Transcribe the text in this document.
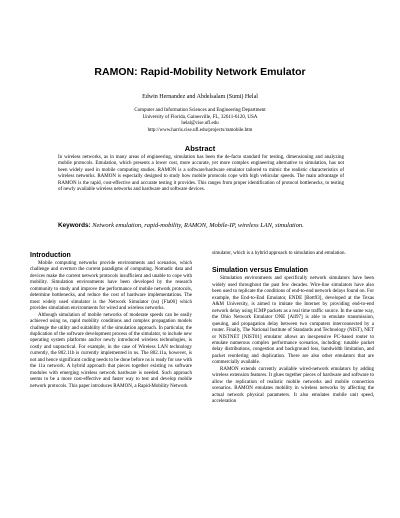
RAMON: Rapid-Mobility Network Emulator
Edwin Hernandez and Abdelsalam (Sumi) Helal
Computer and Information Sciences and Engineering Department
University of Florida, Gainesville, FL, 32611-6120, USA
helal@cise.ufl.edu
http://www.harris.cise.ufl.edu/projects/ramobile.htm
Abstract
In wireless networks, as in many areas of engineering, simulation has been the de-facto standard for testing, dimensioning and analyzing mobile protocols. Emulation, which presents a lower cost, more accurate, yet more complex engineering alternative to simulation, has not been widely used in mobile computing studies. RAMON is a software/hardware emulator tailored to mimic the realistic characteristics of wireless networks. RAMON is especially designed to study how mobile protocols cope with high vehicular speeds. The main advantage of RAMON is the rapid, cost-effective and accurate testing it provides. This ranges from proper identification of protocol bottlenecks, to testing of newly available wireless networks and hardware and software devices.
Keywords: Network emulation, rapid-mobility, RAMON, Mobile-IP, wireless LAN, simulation.
Introduction

Mobile computing networks provide environments and scenarios, which challenge and overturn the current paradigms of computing. Nomadic data and devices make the current network protocols insufficient and unable to cope with mobility. Simulation environments have been developed by the research community to study and improve the performance of mobile network protocols, determine bottlenecks, and reduce the cost of hardware implementations. The most widely used simulator is the Network Simulator (ns) [Fla00] which provides simulation environments for wired and wireless networks.

Although simulation of mobile networks of moderate speeds can be easily achieved using ns, rapid mobility conditions and complex propagation models challenge the utility and suitability of the simulation approach. In particular, the duplication of the software development process of the simulator, to include new operating system platforms and/or newly introduced wireless technologies, is costly and unpractical. For example, in the case of Wireless LAN technology currently, the 802.11b is currently implemented in ns. The 802.11a, however, is not and hence significant coding needs to be done before ns is ready for use with the 11a network. A hybrid approach that pieces together existing ns software modules with emerging wireless network hardware is needed. Such approach seems to be a more cost-effective and faster way to test and develop mobile network protocols. This paper introduces RAMON, a Rapid-Mobility Network

simulator, which is a hybrid approach to simulation and emulation.

Simulation versus Emulation

Simulation environments and specifically network simulators have been widely used throughout the past few decades. Wire-line simulators have also been used to replicate the conditions of end-to-end network delays found on. For example, the End-to-End Emulator, ENDE [Bott93], developed at the Texas A&M University, is aimed to imitate the Internet by providing end-to-end network delay using ICMP packets as a real time traffic source. In the same way, the Ohio Network Emulator ONE [All97] is able to emulate transmission, queuing, and propagation delay between two computers interconnected by a router. Finally, The National Institute of Standards and Technology (NIST), NET or NISTNET [NIST01] emulator allows an inexpensive PC-based router to emulate numerous complex performance scenarios, including: tunable packet delay distributions, congestion and background loss, bandwidth limitation, and packet reordering and duplication. There are also other emulators that are commercially available.

RAMON extends currently available wired-network emulators by adding wireless extension features. It glues together pieces of hardware and software to allow the replication of realistic mobile networks and mobile connection scenarios. RAMON emulates mobility in wireless networks by affecting the actual network physical parameters. It also emulates mobile unit speed, acceleration
